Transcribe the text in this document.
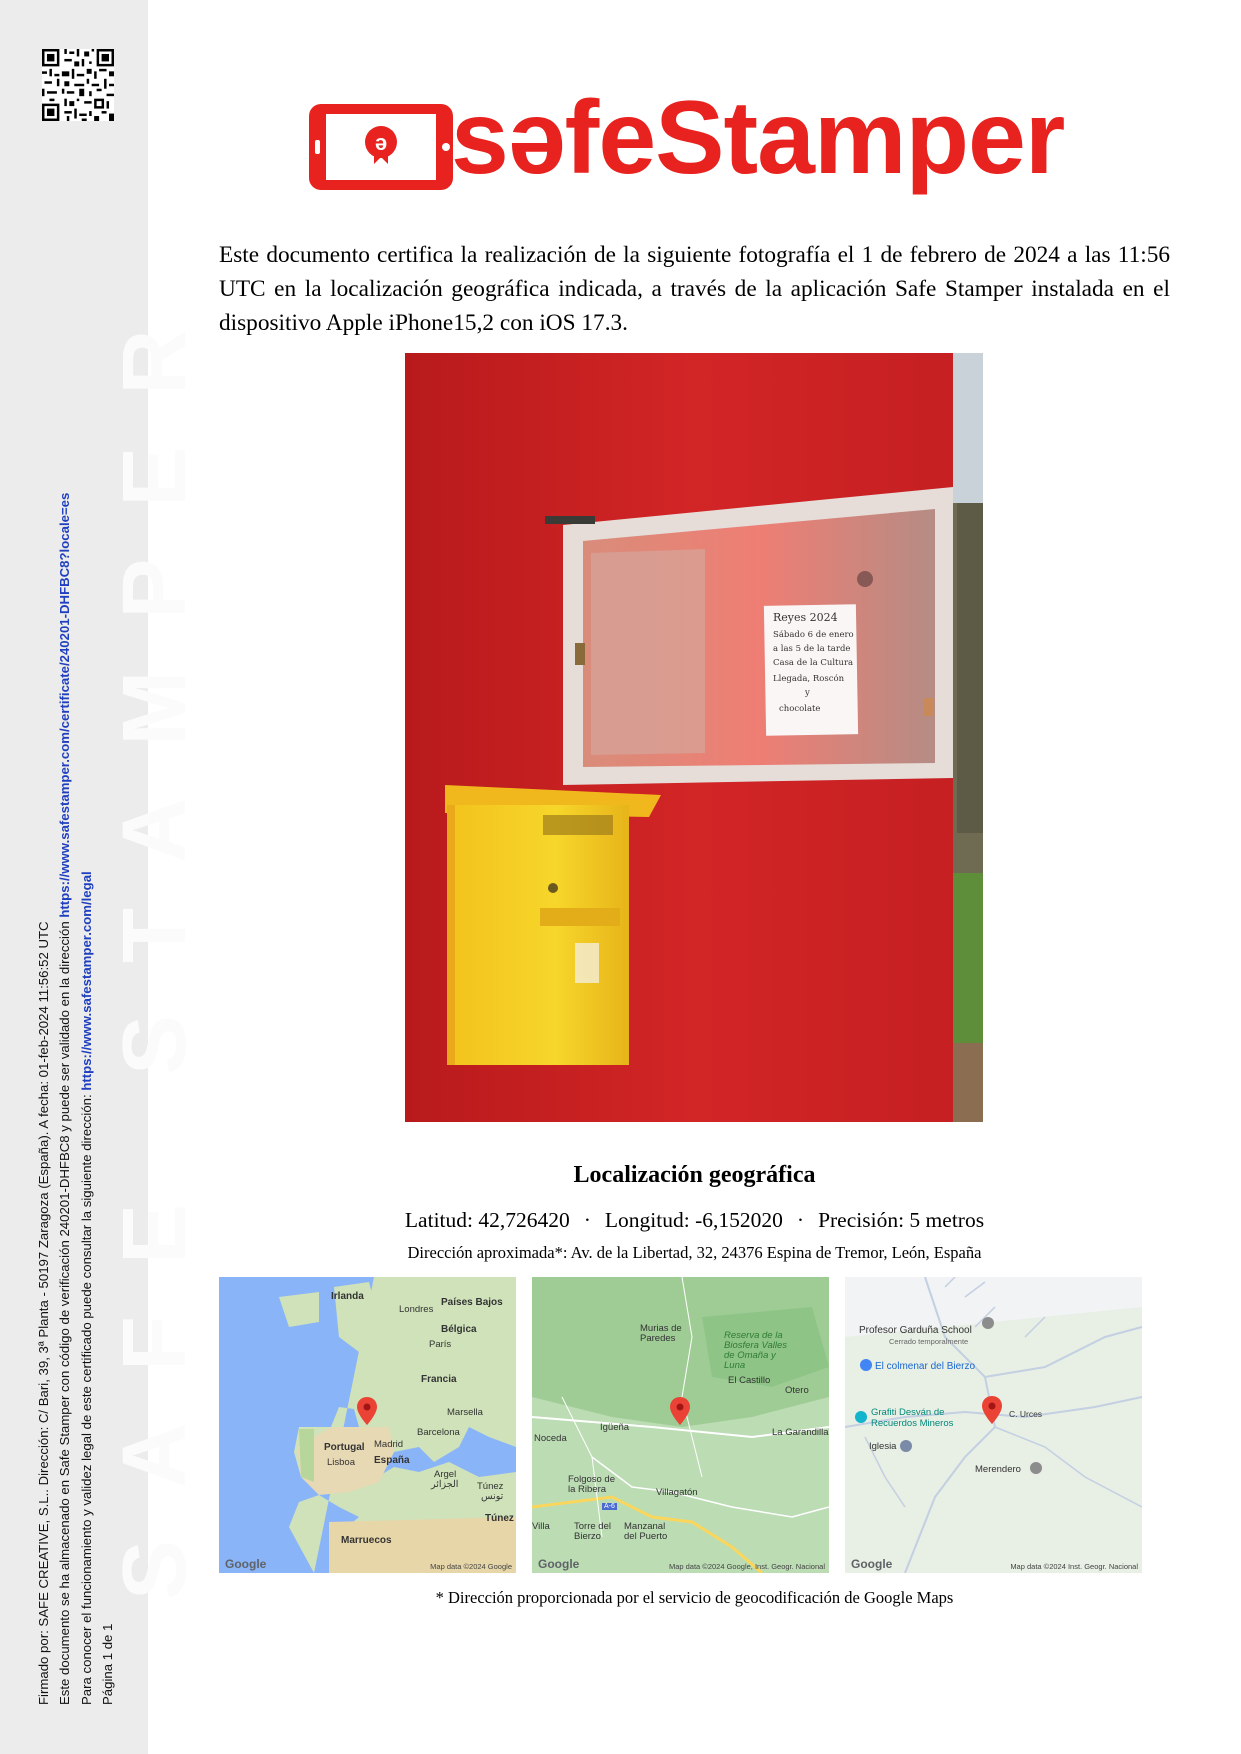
SAFE STAMPER
Firmado por: SAFE CREATIVE, S.L.. Dirección: C/ Bari, 39, 3ª Planta - 50197 Zaragoza (España). A fecha: 01-feb-2024 11:56:52 UTC Este documento se ha almacenado en Safe Stamper con código de verificación 240201-DHFBC8 y puede ser validado en la dirección https://www.safestamper.com/certificate/240201-DHFBC8?locale=es
Para conocer el funcionamiento y validez legal de este certificado puede consultar la siguiente dirección: https://www.safestamper.com/legal
Página 1 de 1
ə səfeStamper

Este documento certifica la realización de la siguiente fotografía el 1 de febrero de 2024 a las 11:56 UTC en la localización geográfica indicada, a través de la aplicación Safe Stamper instalada en el dispositivo Apple iPhone15,2 con iOS 17.3.

Reyes 2024
Sábado 6 de enero
a las 5 de la tarde
Casa de la Cultura
Llegada, Roscón
y
chocolate
Localización geográfica
Latitud: 42,726420 · Longitud: -6,152020 · Precisión: 5 metros
Dirección aproximada*: Av. de la Libertad, 32, 24376 Espina de Tremor, León, España
Irlanda
Países Bajos
Londres
Bélgica
París
Francia
Marsella
Portugal Madrid
Barcelona
Lisboa España
Argel
الجزائر Túnez
تونس
Túnez
Marruecos
Google	Map data ©2024 Google
Murias de Paredes	Reserva de la Biosfera Valles de Omaña y Luna
El Castillo
Otero
Noceda
Igüeña	La Garandilla
Folgoso de la Ribera	Villagatón
Torre del Bierzo
Manzanal del Puerto
Villa
A-6
Google	Map data ©2024 Google, Inst. Geogr. Nacional
Profesor Garduña School
Cerrado temporalmente
El colmenar del Bierzo
Grafiti Desván de Recuerdos Mineros
C. Urces
Iglesia
Merendero
Google	Map data ©2024 Inst. Geogr. Nacional
* Dirección proporcionada por el servicio de geocodificación de Google Maps
